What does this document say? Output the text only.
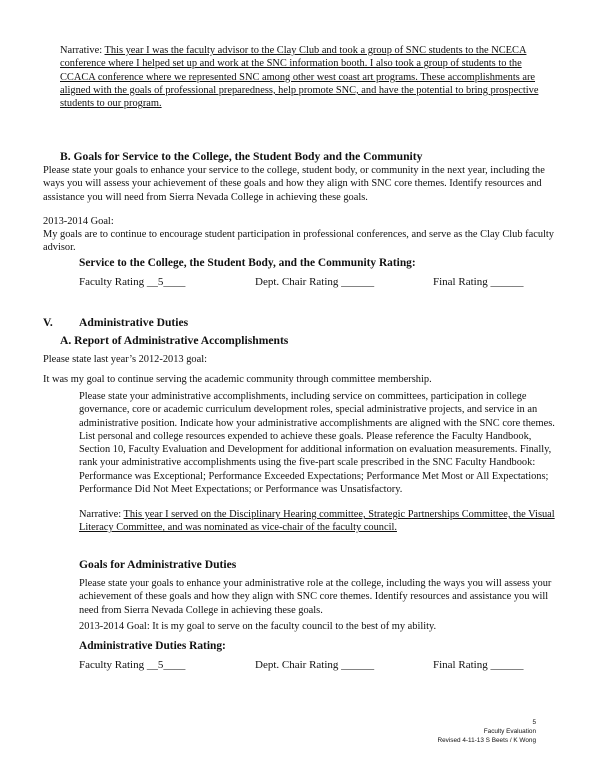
Narrative: This year I was the faculty advisor to the Clay Club and took a group of SNC students to the NCECA conference where I helped set up and work at the SNC information booth. I also took a group of students to the CCACA conference where we represented SNC among other west coast art programs. These accomplishments are aligned with the goals of professional preparedness, help promote SNC, and have the potential to bring prospective students to our program.

B. Goals for Service to the College, the Student Body and the Community

Please state your goals to enhance your service to the college, student body, or community in the next year, including the ways you will assess your achievement of these goals and how they align with SNC core themes. Identify resources and assistance you will need from Sierra Nevada College in achieving these goals.

2013-2014 Goal:

My goals are to continue to encourage student participation in professional conferences, and serve as the Clay Club faculty advisor.

Service to the College, the Student Body, and the Community Rating:
Faculty Rating __5____	Dept. Chair Rating ______	Final Rating ______
V. Administrative Duties
A. Report of Administrative Accomplishments
Please state last year’s 2012-2013 goal:
It was my goal to continue serving the academic community through committee membership.

Please state your administrative accomplishments, including service on committees, participation in college governance, core or academic curriculum development roles, special administrative projects, and service in an administrative position. Indicate how your administrative accomplishments are aligned with the SNC core themes. List personal and college resources expended to achieve these goals. Please reference the Faculty Handbook, Section 10, Faculty Evaluation and Development for additional information on evaluation measurements. Finally, rank your administrative accomplishments using the five-part scale prescribed in the SNC Faculty Handbook: Performance was Exceptional; Performance Exceeded Expectations; Performance Met Most or All Expectations; Performance Did Not Meet Expectations; or Performance was Unsatisfactory.

Narrative: This year I served on the Disciplinary Hearing committee, Strategic Partnerships Committee, the Visual Literacy Committee, and was nominated as vice-chair of the faculty council.

Goals for Administrative Duties

Please state your goals to enhance your administrative role at the college, including the ways you will assess your achievement of these goals and how they align with SNC core themes. Identify resources and assistance you will need from Sierra Nevada College in achieving these goals.

2013-2014 Goal: It is my goal to serve on the faculty council to the best of my ability.
Administrative Duties Rating:
Faculty Rating __5____	Dept. Chair Rating ______	Final Rating ______
5
Faculty Evaluation
Revised 4-11-13 S Beets / K Wong
